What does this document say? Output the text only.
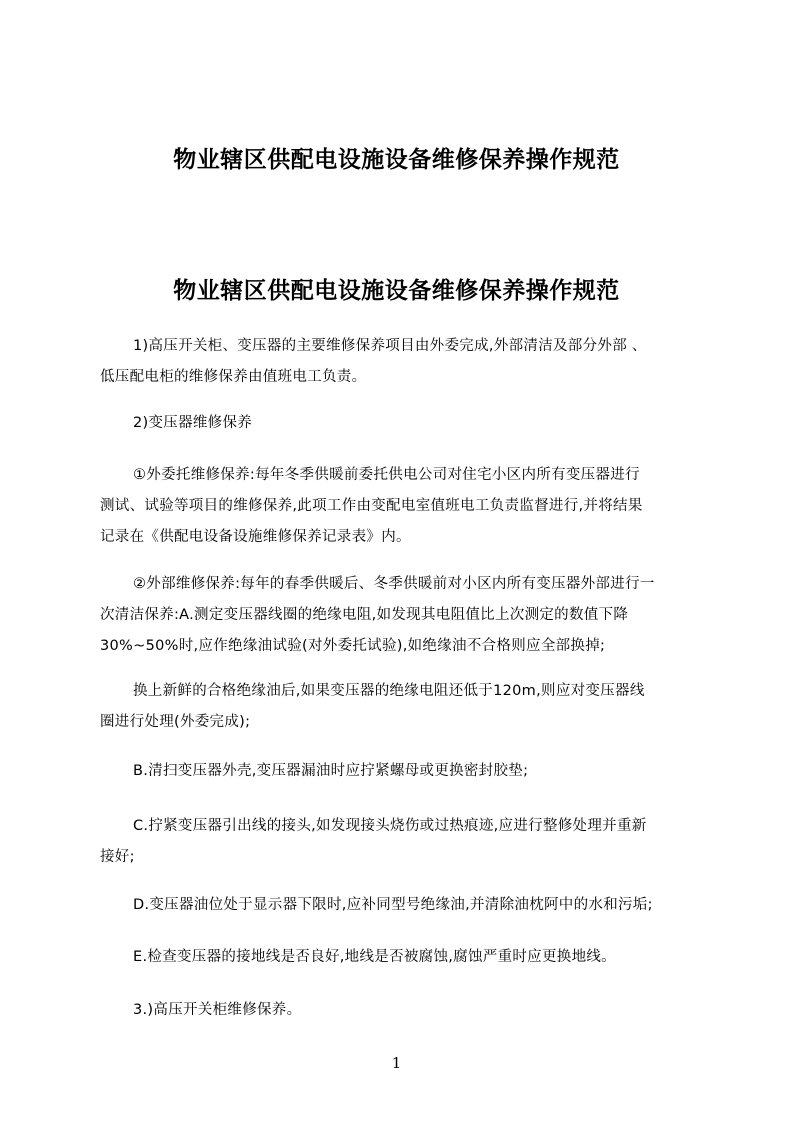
物业辖区供配电设施设备维修保养操作规范
物业辖区供配电设施设备维修保养操作规范
1)高压开关柜、变压器的主要维修保养项目由外委完成,外部清洁及部分外部 、
低压配电柜的维修保养由值班电工负责。
2)变压器维修保养
①外委托维修保养:每年冬季供暖前委托供电公司对住宅小区内所有变压器进行
测试、试验等项目的维修保养,此项工作由变配电室值班电工负责监督进行,并将结果
记录在《供配电设备设施维修保养记录表》内。
②外部维修保养:每年的春季供暖后、冬季供暖前对小区内所有变压器外部进行一
次清洁保养:A.测定变压器线圈的绝缘电阻,如发现其电阻值比上次测定的数值下降
30%~50%时,应作绝缘油试验(对外委托试验),如绝缘油不合格则应全部换掉;
换上新鲜的合格绝缘油后,如果变压器的绝缘电阻还低于120m,则应对变压器线
圈进行处理(外委完成);
B.清扫变压器外壳,变压器漏油时应拧紧螺母或更换密封胶垫;
C.拧紧变压器引出线的接头,如发现接头烧伤或过热痕迹,应进行整修处理并重新
接好;
D.变压器油位处于显示器下限时,应补同型号绝缘油,并清除油枕阿中的水和污垢;
E.检查变压器的接地线是否良好,地线是否被腐蚀,腐蚀严重时应更换地线。
3.)高压开关柜维修保养。
1
